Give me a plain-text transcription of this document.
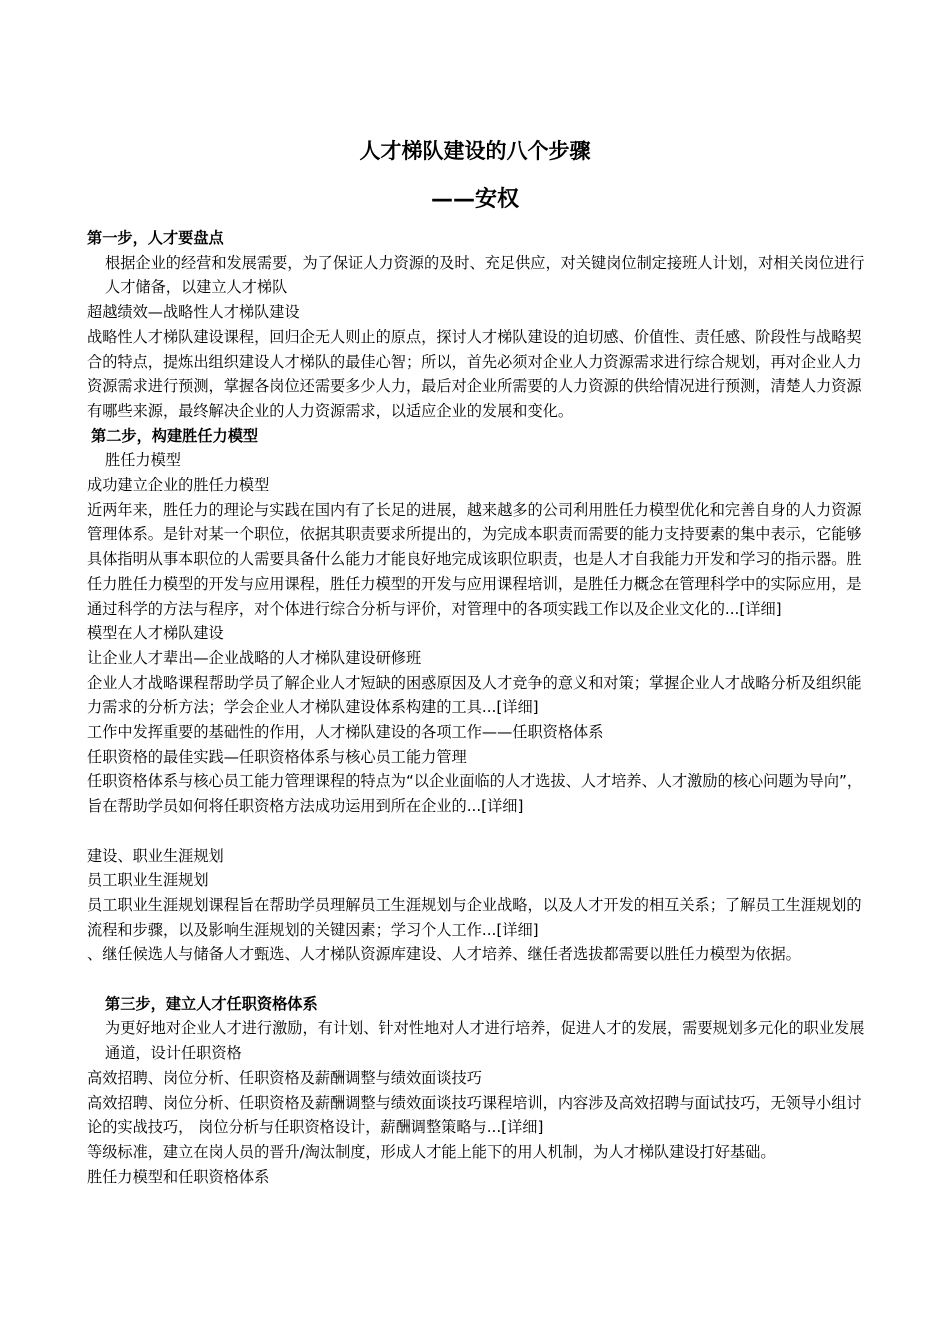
人才梯队建设的八个步骤
——安权

第一步，人才要盘点

根据企业的经营和发展需要，为了保证人力资源的及时、充足供应，对关键岗位制定接班人计划，对相关岗位进行人才储备，以建立人才梯队

超越绩效—战略性人才梯队建设

战略性人才梯队建设课程，回归企无人则止的原点，探讨人才梯队建设的迫切感、价值性、责任感、阶段性与战略契合的特点，提炼出组织建设人才梯队的最佳心智；所以，首先必须对企业人力资源需求进行综合规划，再对企业人力资源需求进行预测，掌握各岗位还需要多少人力，最后对企业所需要的人力资源的供给情况进行预测，清楚人力资源有哪些来源，最终解决企业的人力资源需求，以适应企业的发展和变化。

第二步，构建胜任力模型

胜任力模型

成功建立企业的胜任力模型

近两年来，胜任力的理论与实践在国内有了长足的进展，越来越多的公司利用胜任力模型优化和完善自身的人力资源管理体系。是针对某一个职位，依据其职责要求所提出的，为完成本职责而需要的能力支持要素的集中表示，它能够具体指明从事本职位的人需要具备什么能力才能良好地完成该职位职责，也是人才自我能力开发和学习的指示器。胜任力胜任力模型的开发与应用课程，胜任力模型的开发与应用课程培训，是胜任力概念在管理科学中的实际应用，是通过科学的方法与程序，对个体进行综合分析与评价，对管理中的各项实践工作以及企业文化的...[详细]

模型在人才梯队建设

让企业人才辈出—企业战略的人才梯队建设研修班

企业人才战略课程帮助学员了解企业人才短缺的困惑原因及人才竞争的意义和对策；掌握企业人才战略分析及组织能力需求的分析方法；学会企业人才梯队建设体系构建的工具...[详细]

工作中发挥重要的基础性的作用，人才梯队建设的各项工作——任职资格体系

任职资格的最佳实践—任职资格体系与核心员工能力管理

任职资格体系与核心员工能力管理课程的特点为“以企业面临的人才选拔、人才培养、人才激励的核心问题为导向”，旨在帮助学员如何将任职资格方法成功运用到所在企业的...[详细]

建设、职业生涯规划

员工职业生涯规划

员工职业生涯规划课程旨在帮助学员理解员工生涯规划与企业战略，以及人才开发的相互关系；了解员工生涯规划的流程和步骤，以及影响生涯规划的关键因素；学习个人工作...[详细]

、继任候选人与储备人才甄选、人才梯队资源库建设、人才培养、继任者选拔都需要以胜任力模型为依据。

第三步，建立人才任职资格体系

为更好地对企业人才进行激励，有计划、针对性地对人才进行培养，促进人才的发展，需要规划多元化的职业发展通道，设计任职资格

高效招聘、岗位分析、任职资格及薪酬调整与绩效面谈技巧

高效招聘、岗位分析、任职资格及薪酬调整与绩效面谈技巧课程培训，内容涉及高效招聘与面试技巧，无领导小组讨论的实战技巧， 岗位分析与任职资格设计，薪酬调整策略与...[详细]

等级标准，建立在岗人员的晋升/淘汰制度，形成人才能上能下的用人机制，为人才梯队建设打好基础。

胜任力模型和任职资格体系
